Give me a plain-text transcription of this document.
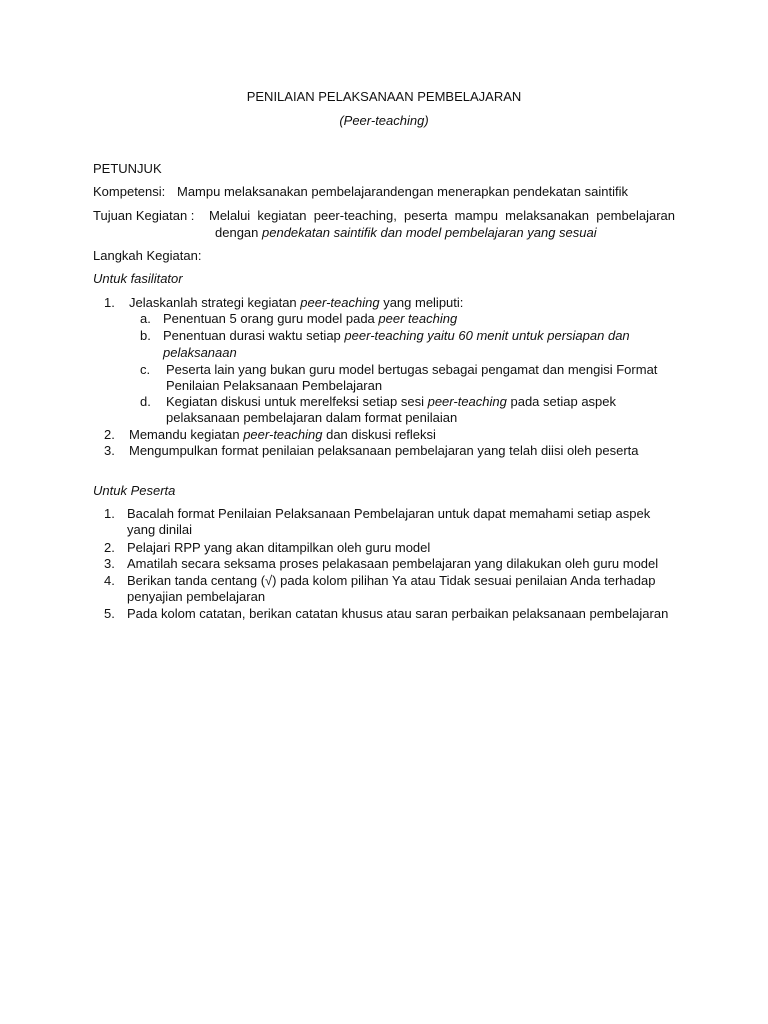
PENILAIAN PELAKSANAAN PEMBELAJARAN
(Peer-teaching)
PETUNJUK
Kompetensi: Mampu melaksanakan pembelajarandengan menerapkan pendekatan saintifik
Tujuan Kegiatan : Melalui kegiatan peer-teaching, peserta mampu melaksanakan pembelajaran
dengan pendekatan saintifik dan model pembelajaran yang sesuai
Langkah Kegiatan:
Untuk fasilitator
1. Jelaskanlah strategi kegiatan peer-teaching yang meliputi:
a. Penentuan 5 orang guru model pada peer teaching
b. Penentuan durasi waktu setiap peer-teaching yaitu 60 menit untuk persiapan dan
pelaksanaan
c. Peserta lain yang bukan guru model bertugas sebagai pengamat dan mengisi Format
Penilaian Pelaksanaan Pembelajaran
d. Kegiatan diskusi untuk merelfeksi setiap sesi peer-teaching pada setiap aspek
pelaksanaan pembelajaran dalam format penilaian
2. Memandu kegiatan peer-teaching dan diskusi refleksi
3. Mengumpulkan format penilaian pelaksanaan pembelajaran yang telah diisi oleh peserta
Untuk Peserta
1. Bacalah format Penilaian Pelaksanaan Pembelajaran untuk dapat memahami setiap aspek
yang dinilai
2. Pelajari RPP yang akan ditampilkan oleh guru model
3. Amatilah secara seksama proses pelakasaan pembelajaran yang dilakukan oleh guru model
4. Berikan tanda centang (√) pada kolom pilihan Ya atau Tidak sesuai penilaian Anda terhadap
penyajian pembelajaran
5. Pada kolom catatan, berikan catatan khusus atau saran perbaikan pelaksanaan pembelajaran
